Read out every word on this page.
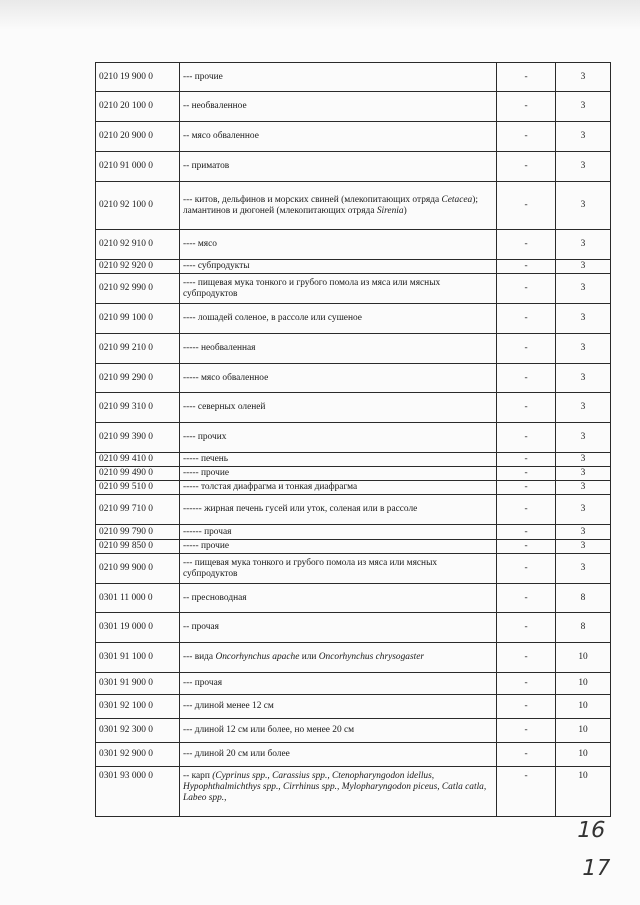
0210 19 900 0	--- прочие	-	3
0210 20 100 0	-- необваленное	-	3
0210 20 900 0	-- мясо обваленное	-	3
0210 91 000 0	-- приматов	-	3
0210 92 100 0	--- китов, дельфинов и морских свиней (млекопитающих отряда Cetacea); ламантинов и дюгоней (млекопитающих отряда Sirenia)	-	3
0210 92 910 0	---- мясо	-	3
0210 92 920 0	---- субпродукты	-	3
0210 92 990 0	---- пищевая мука тонкого и грубого помола из мяса или мясных субпродуктов	-	3
0210 99 100 0	---- лошадей соленое, в рассоле или сушеное	-	3
0210 99 210 0	----- необваленная	-	3
0210 99 290 0	----- мясо обваленное	-	3
0210 99 310 0	---- северных оленей	-	3
0210 99 390 0	---- прочих	-	3
0210 99 410 0	----- печень	-	3
0210 99 490 0	----- прочие	-	3
0210 99 510 0	----- толстая диафрагма и тонкая диафрагма	-	3
0210 99 710 0	------ жирная печень гусей или уток, соленая или в рассоле	-	3
0210 99 790 0	------ прочая	-	3
0210 99 850 0	----- прочие	-	3
0210 99 900 0	--- пищевая мука тонкого и грубого помола из мяса или мясных субпродуктов	-	3
0301 11 000 0	-- пресноводная	-	8
0301 19 000 0	-- прочая	-	8
0301 91 100 0	--- вида Oncorhynchus apache или Oncorhynchus chrysogaster	-	10
0301 91 900 0	--- прочая	-	10
0301 92 100 0	--- длиной менее 12 см	-	10
0301 92 300 0	--- длиной 12 см или более, но менее 20 см	-	10
0301 92 900 0	--- длиной 20 см или более	-	10
0301 93 000 0	-- карп (Cyprinus spp., Carassius spp., Ctenopharyngodon idellus, Hypophthalmichthys spp., Cirrhinus spp., Mylopharyngodon piceus, Catla catla, Labeo spp.,	-	10
16
17
